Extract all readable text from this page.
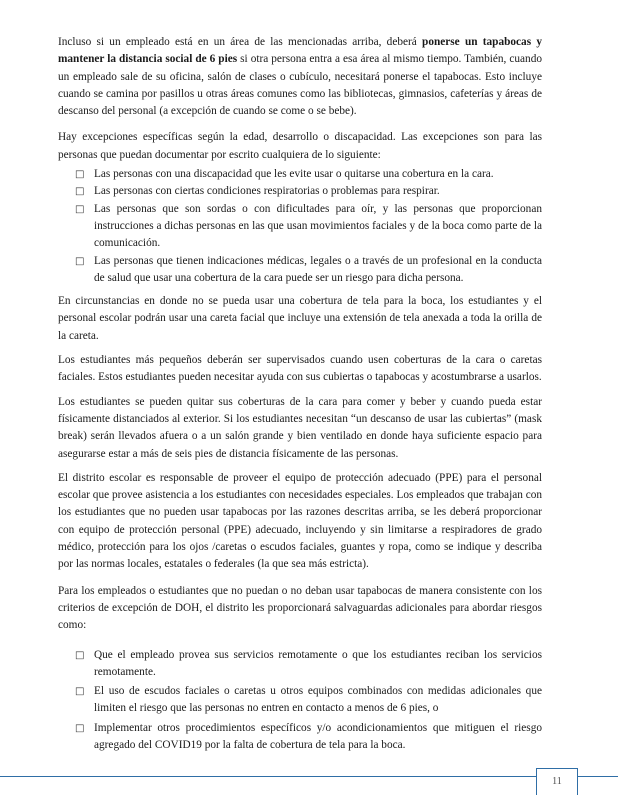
Incluso si un empleado está en un área de las mencionadas arriba, deberá ponerse un tapabocas y mantener la distancia social de 6 pies si otra persona entra a esa área al mismo tiempo. También, cuando un empleado sale de su oficina, salón de clases o cubículo, necesitará ponerse el tapabocas. Esto incluye cuando se camina por pasillos u otras áreas comunes como las bibliotecas, gimnasios, cafeterías y áreas de descanso del personal (a excepción de cuando se come o se bebe).

Hay excepciones específicas según la edad, desarrollo o discapacidad. Las excepciones son para las personas que puedan documentar por escrito cualquiera de lo siguiente:

□ Las personas con una discapacidad que les evite usar o quitarse una cobertura en la cara.
□ Las personas con ciertas condiciones respiratorias o problemas para respirar.
□ Las personas que son sordas o con dificultades para oír, y las personas que proporcionan instrucciones a dichas personas en las que usan movimientos faciales y de la boca como parte de la comunicación.
□ Las personas que tienen indicaciones médicas, legales o a través de un profesional en la conducta de salud que usar una cobertura de la cara puede ser un riesgo para dicha persona.

En circunstancias en donde no se pueda usar una cobertura de tela para la boca, los estudiantes y el personal escolar podrán usar una careta facial que incluye una extensión de tela anexada a toda la orilla de la careta.

Los estudiantes más pequeños deberán ser supervisados cuando usen coberturas de la cara o caretas faciales. Estos estudiantes pueden necesitar ayuda con sus cubiertas o tapabocas y acostumbrarse a usarlos.

Los estudiantes se pueden quitar sus coberturas de la cara para comer y beber y cuando pueda estar físicamente distanciados al exterior. Si los estudiantes necesitan “un descanso de usar las cubiertas” (mask break) serán llevados afuera o a un salón grande y bien ventilado en donde haya suficiente espacio para asegurarse estar a más de seis pies de distancia físicamente de las personas.

El distrito escolar es responsable de proveer el equipo de protección adecuado (PPE) para el personal escolar que provee asistencia a los estudiantes con necesidades especiales. Los empleados que trabajan con los estudiantes que no pueden usar tapabocas por las razones descritas arriba, se les deberá proporcionar con equipo de protección personal (PPE) adecuado, incluyendo y sin limitarse a respiradores de grado médico, protección para los ojos /caretas o escudos faciales, guantes y ropa, como se indique y describa por las normas locales, estatales o federales (la que sea más estricta).

Para los empleados o estudiantes que no puedan o no deban usar tapabocas de manera consistente con los criterios de excepción de DOH, el distrito les proporcionará salvaguardas adicionales para abordar riesgos como:

□ Que el empleado provea sus servicios remotamente o que los estudiantes reciban los servicios remotamente.
□ El uso de escudos faciales o caretas u otros equipos combinados con medidas adicionales que limiten el riesgo que las personas no entren en contacto a menos de 6 pies, o
□ Implementar otros procedimientos específicos y/o acondicionamientos que mitiguen el riesgo agregado del COVID19 por la falta de cobertura de tela para la boca.
11
